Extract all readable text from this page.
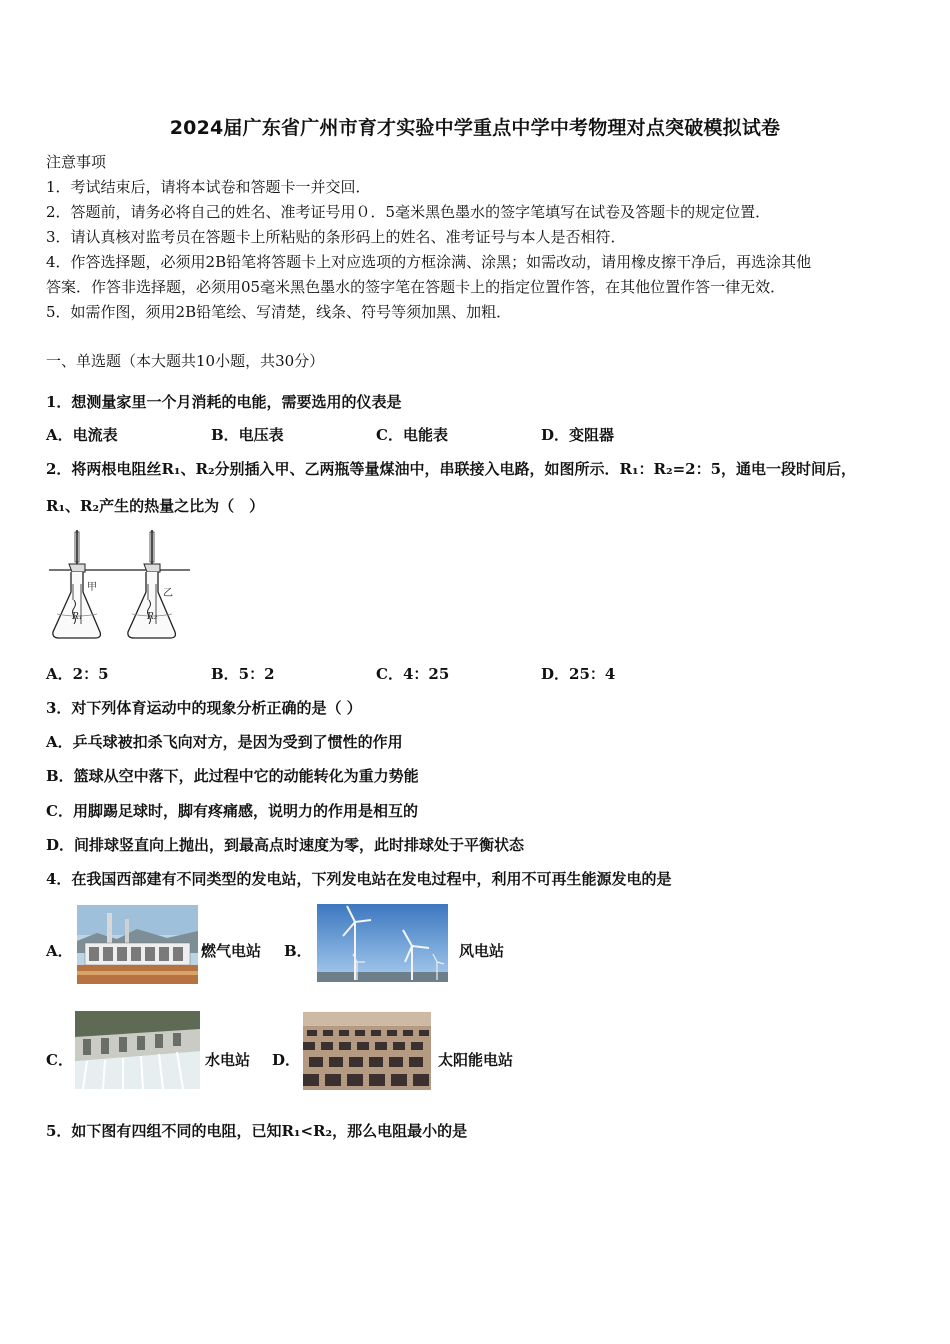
2024届广东省广州市育才实验中学重点中学中考物理对点突破模拟试卷
注意事项
1．考试结束后，请将本试卷和答题卡一并交回．
2．答题前，请务必将自己的姓名、准考证号用０．5毫米黑色墨水的签字笔填写在试卷及答题卡的规定位置．
3．请认真核对监考员在答题卡上所粘贴的条形码上的姓名、准考证号与本人是否相符．
4．作答选择题，必须用2B铅笔将答题卡上对应选项的方框涂满、涂黑；如需改动，请用橡皮擦干净后，再选涂其他
答案．作答非选择题，必须用05毫米黑色墨水的签字笔在答题卡上的指定位置作答，在其他位置作答一律无效．
5．如需作图，须用2B铅笔绘、写清楚，线条、符号等须加黑、加粗．
一、单选题（本大题共10小题，共30分）
1．想测量家里一个月消耗的电能，需要选用的仪表是
A．电流表	B．电压表	C．电能表	D．变阻器
2．将两根电阻丝R₁、R₂分别插入甲、乙两瓶等量煤油中，串联接入电路，如图所示．R₁：R₂=2：5，通电一段时间后，
R₁、R₂产生的热量之比为（　）
甲
R₁
乙
R₂
A．2：5	B．5：2	C．4：25	D．25：4
3．对下列体育运动中的现象分析正确的是（ ）
A．乒乓球被扣杀飞向对方，是因为受到了惯性的作用
B．篮球从空中落下，此过程中它的动能转化为重力势能
C．用脚踢足球时，脚有疼痛感，说明力的作用是相互的
D．间排球竖直向上抛出，到最高点时速度为零，此时排球处于平衡状态
4．在我国西部建有不同类型的发电站，下列发电站在发电过程中，利用不可再生能源发电的是
A．	燃气电站 B．	风电站
C．	水电站 D．	太阳能电站
5．如下图有四组不同的电阻，已知R₁<R₂，那么电阻最小的是
